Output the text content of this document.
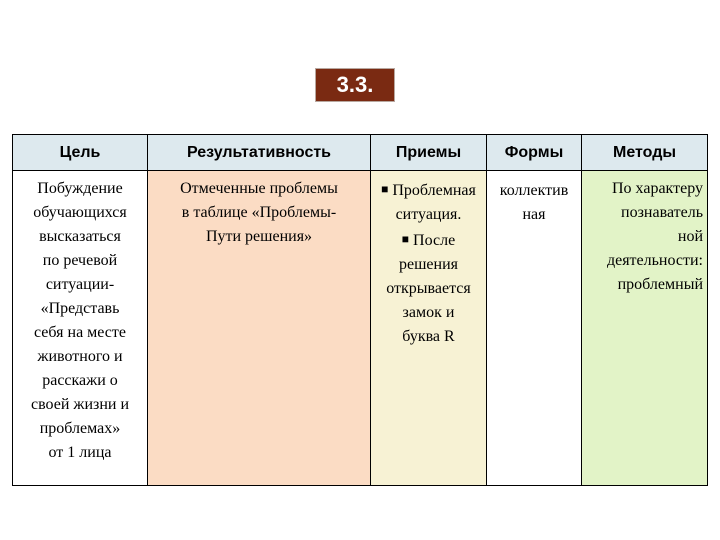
3.3.
Цель
Побуждение
обучающихся
высказаться
по речевой
ситуации-
«Представь
себя на месте
животного и
расскажи о
своей жизни и
проблемах»
от 1 лица
Результативность
Отмеченные проблемы
в таблице «Проблемы-
Пути решения»
Приемы
■ Проблемная
ситуация.
■ После
решения
открывается
замок и
буква R
Формы
коллектив
ная
Методы
По характеру
познаватель
ной
деятельности:
проблемный
